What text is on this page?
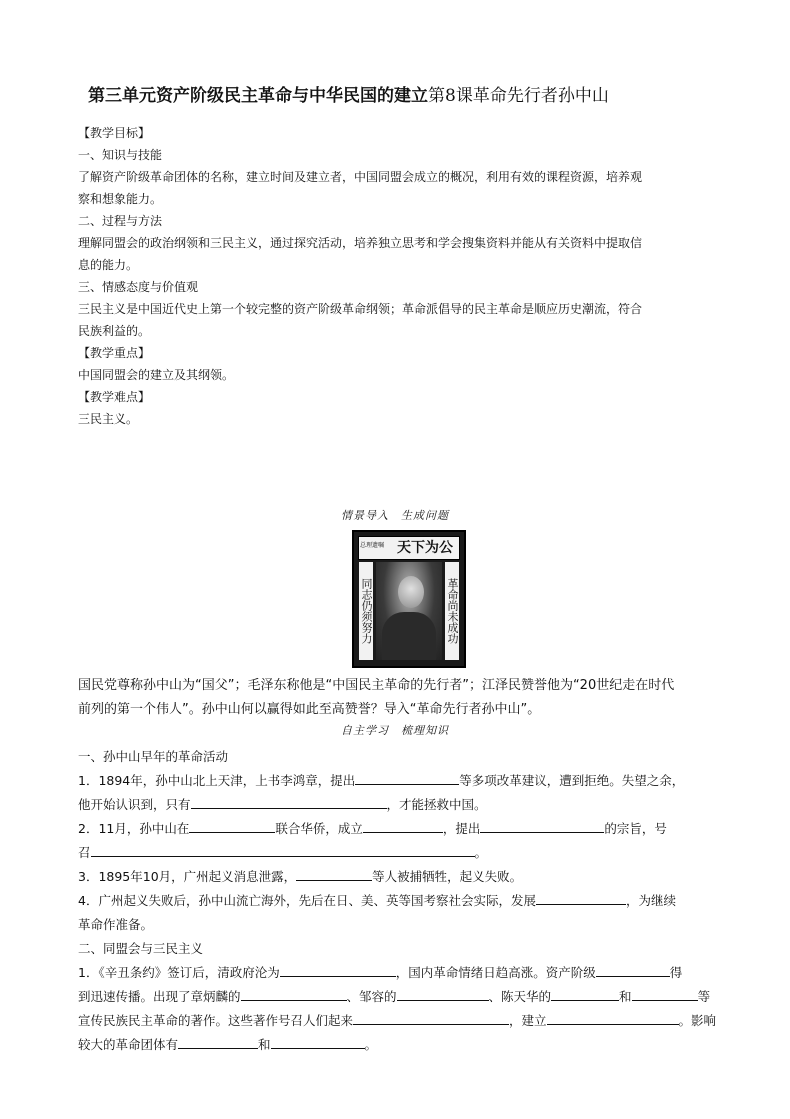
第三单元资产阶级民主革命与中华民国的建立第8课革命先行者孙中山

【教学目标】

一、知识与技能

了解资产阶级革命团体的名称，建立时间及建立者，中国同盟会成立的概况，利用有效的课程资源，培养观

察和想象能力。

二、过程与方法

理解同盟会的政治纲领和三民主义，通过探究活动，培养独立思考和学会搜集资料并能从有关资料中提取信

息的能力。

三、情感态度与价值观

三民主义是中国近代史上第一个较完整的资产阶级革命纲领；革命派倡导的民主革命是顺应历史潮流，符合

民族利益的。

【教学重点】

中国同盟会的建立及其纲领。

【教学难点】

三民主义。

情景导入　生成问题
天下为公
总理遗嘱
同志仍须努力	革命尚未成功

国民党尊称孙中山为“国父”；毛泽东称他是“中国民主革命的先行者”；江泽民赞誉他为“20世纪走在时代

前列的第一个伟人”。孙中山何以赢得如此至高赞誉？导入“革命先行者孙中山”。

自主学习　梳理知识

一、孙中山早年的革命活动

1．1894年，孙中山北上天津，上书李鸿章，提出	等多项改革建议，遭到拒绝。失望之余，

他开始认识到，只有	，才能拯救中国。

2．11月，孙中山在	联合华侨，成立	，提出	的宗旨，号

召	。

3．1895年10月，广州起义消息泄露，	等人被捕牺牲，起义失败。

4．广州起义失败后，孙中山流亡海外，先后在日、美、英等国考察社会实际，发展	，为继续

革命作准备。

二、同盟会与三民主义

1．《辛丑条约》签订后，清政府沦为	，国内革命情绪日趋高涨。资产阶级	得

到迅速传播。出现了章炳麟的	、邹容的	、陈天华的	和	等

宣传民族民主革命的著作。这些著作号召人们起来	，建立	。影响

较大的革命团体有	和	。
